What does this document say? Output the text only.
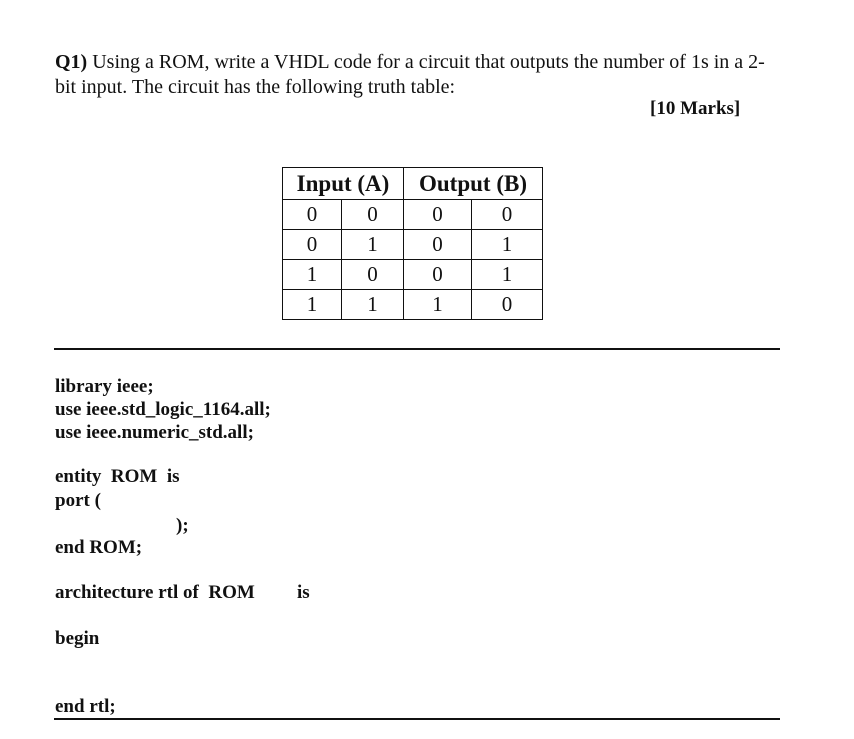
Q1) Using a ROM, write a VHDL code for a circuit that outputs the number of 1s in a 2-bit input. The circuit has the following truth table:
[10 Marks]
Input (A)		Output (B)	
0	0	0	0
0	1	0	1
1	0	0	1
1	1	1	0
library ieee;
use ieee.std_logic_1164.all;
use ieee.numeric_std.all;
entity  ROM  is
port (
);
end ROM;
architecture rtl of  ROM is
begin
end rtl;
